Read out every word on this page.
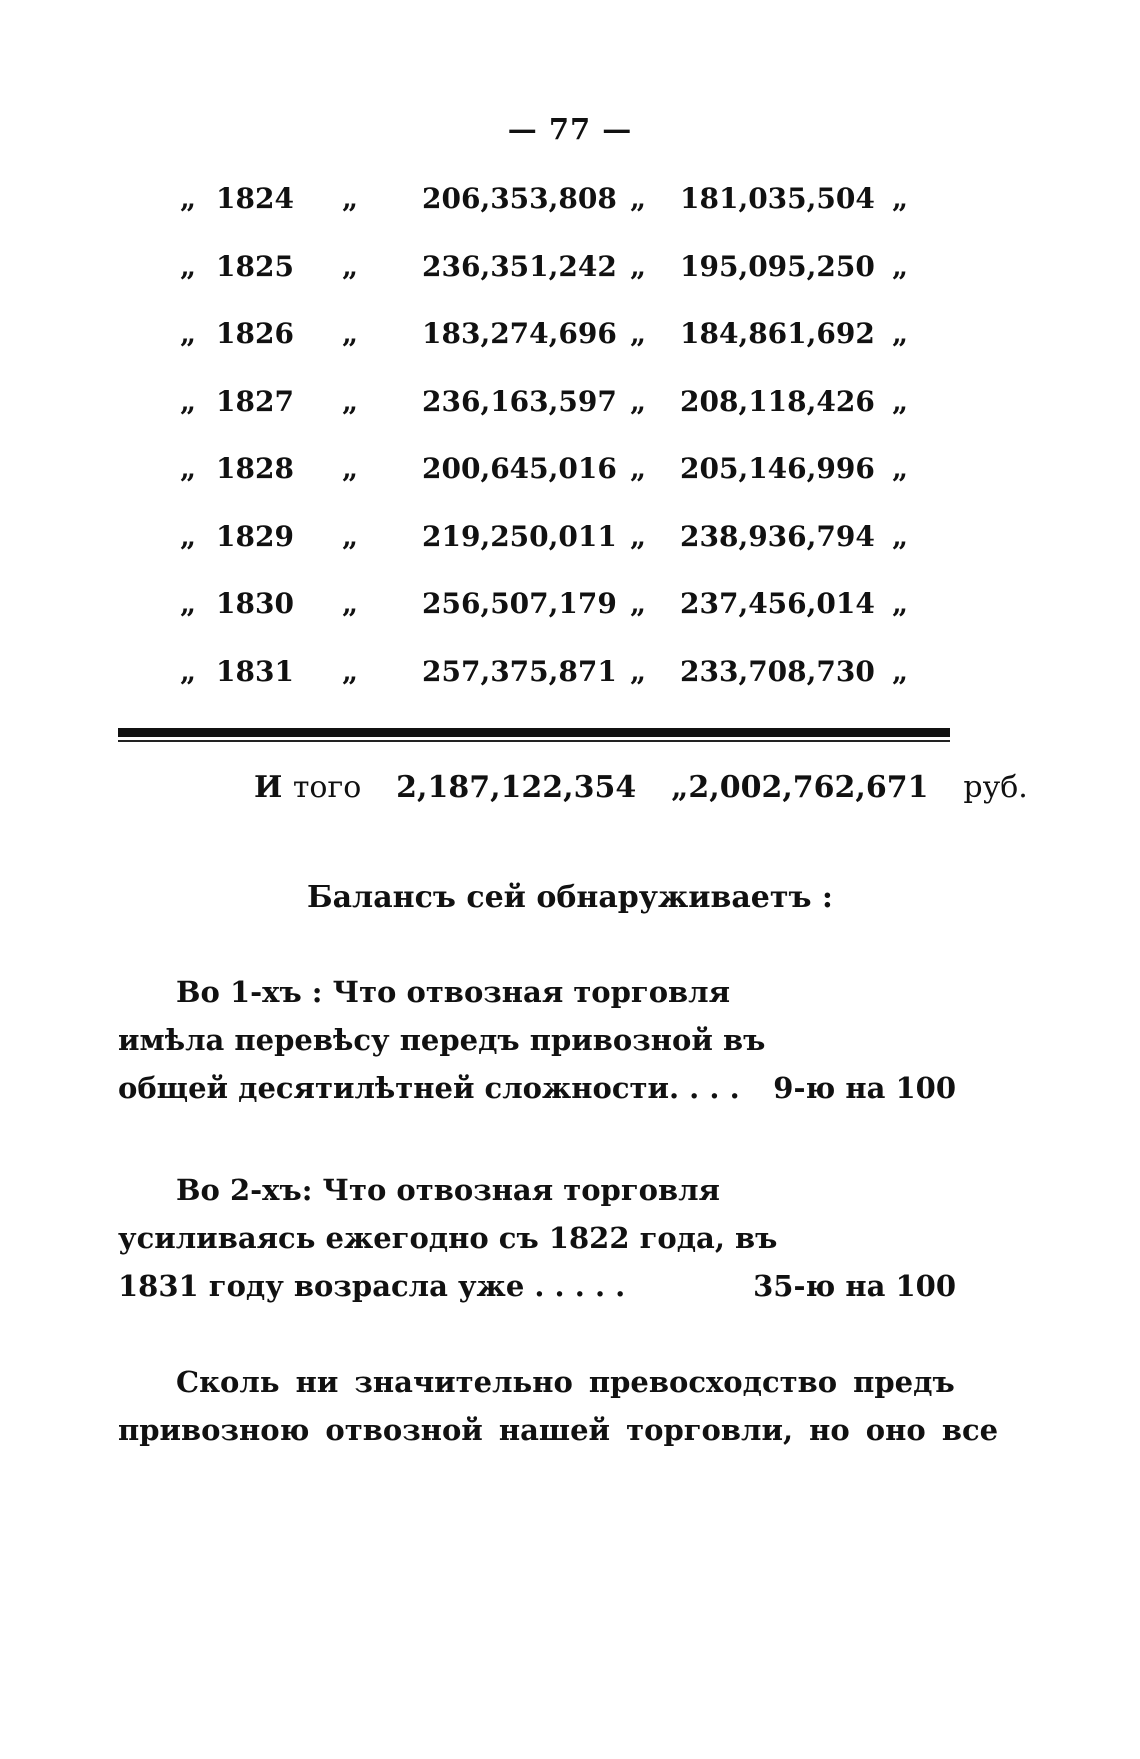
— 77 —
„ 1824 „ 206,353,808 „ 181,035,504 „
„ 1825 „ 236,351,242 „ 195,095,250 „
„ 1826 „ 183,274,696 „ 184,861,692 „
„ 1827 „ 236,163,597 „ 208,118,426 „
„ 1828 „ 200,645,016 „ 205,146,996 „
„ 1829 „ 219,250,011 „ 238,936,794 „
„ 1830 „ 256,507,179 „ 237,456,014 „
„ 1831 „ 257,375,871 „ 233,708,730 „
И того 2,187,122,354 „2,002,762,671 руб.
Балансъ сей обнаруживаетъ :
Во 1-хъ : Что отвозная торговля
имѣла перевѣсу передъ привозной въ
общей десятилѣтней сложности. . . . 9-ю на 100
Во 2-хъ: Что отвозная торговля
усиливаясь ежегодно съ 1822 года, въ
1831 году возрасла уже . . . . .	35-ю на 100
Сколь ни значительно превосходство предъ
привозною отвозной нашей торговли, но оно все
